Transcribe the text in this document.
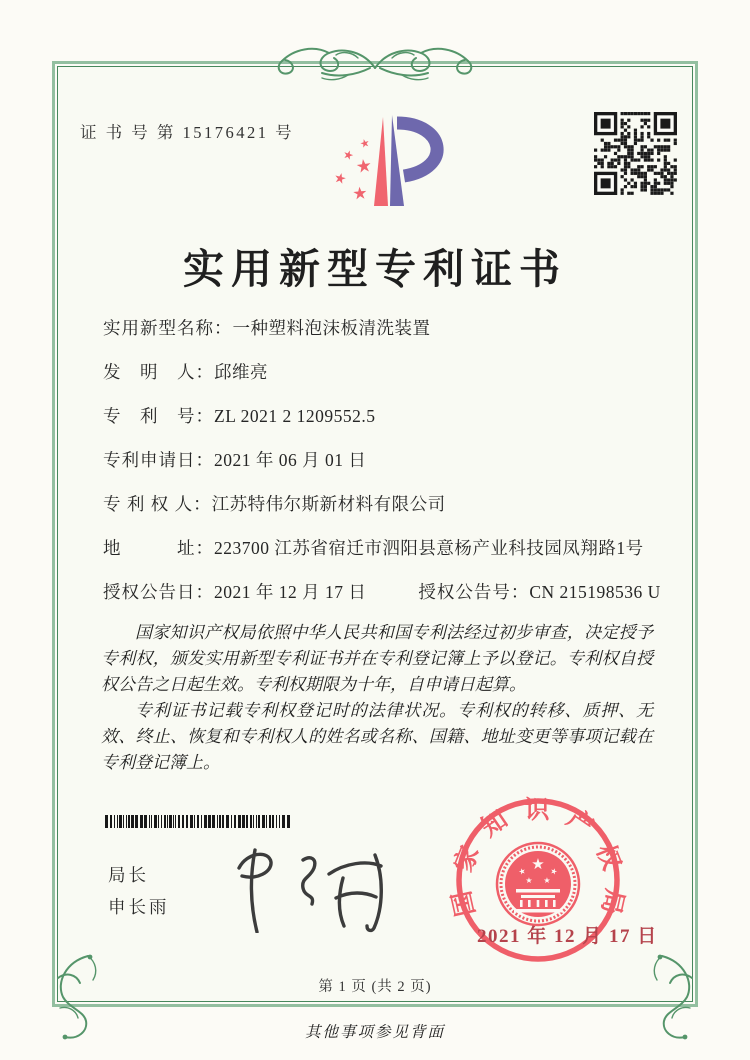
证 书 号 第 15176421 号
★
★
★
★
★
实用新型专利证书
实用新型名称： 一种塑料泡沫板清洗装置
发　明　人： 邱维亮
专　利　号： ZL 2021 2 1209552.5
专利申请日： 2021 年 06 月 01 日
专 利 权 人： 江苏特伟尔斯新材料有限公司
地　　　址： 223700 江苏省宿迁市泗阳县意杨产业科技园凤翔路1号
授权公告日： 2021 年 12 月 17 日	授权公告号： CN 215198536 U

国家知识产权局依照中华人民共和国专利法经过初步审查，决定授予专利权，颁发实用新型专利证书并在专利登记簿上予以登记。专利权自授权公告之日起生效。专利权期限为十年，自申请日起算。

专利证书记载专利权登记时的法律状况。专利权的转移、质押、无效、终止、恢复和专利权人的姓名或名称、国籍、地址变更等事项记载在专利登记簿上。

局长
申长雨	国家知识产权局
★
★	★
★ ★
2021 年 12 月 17 日
第 1 页 (共 2 页)
其他事项参见背面
